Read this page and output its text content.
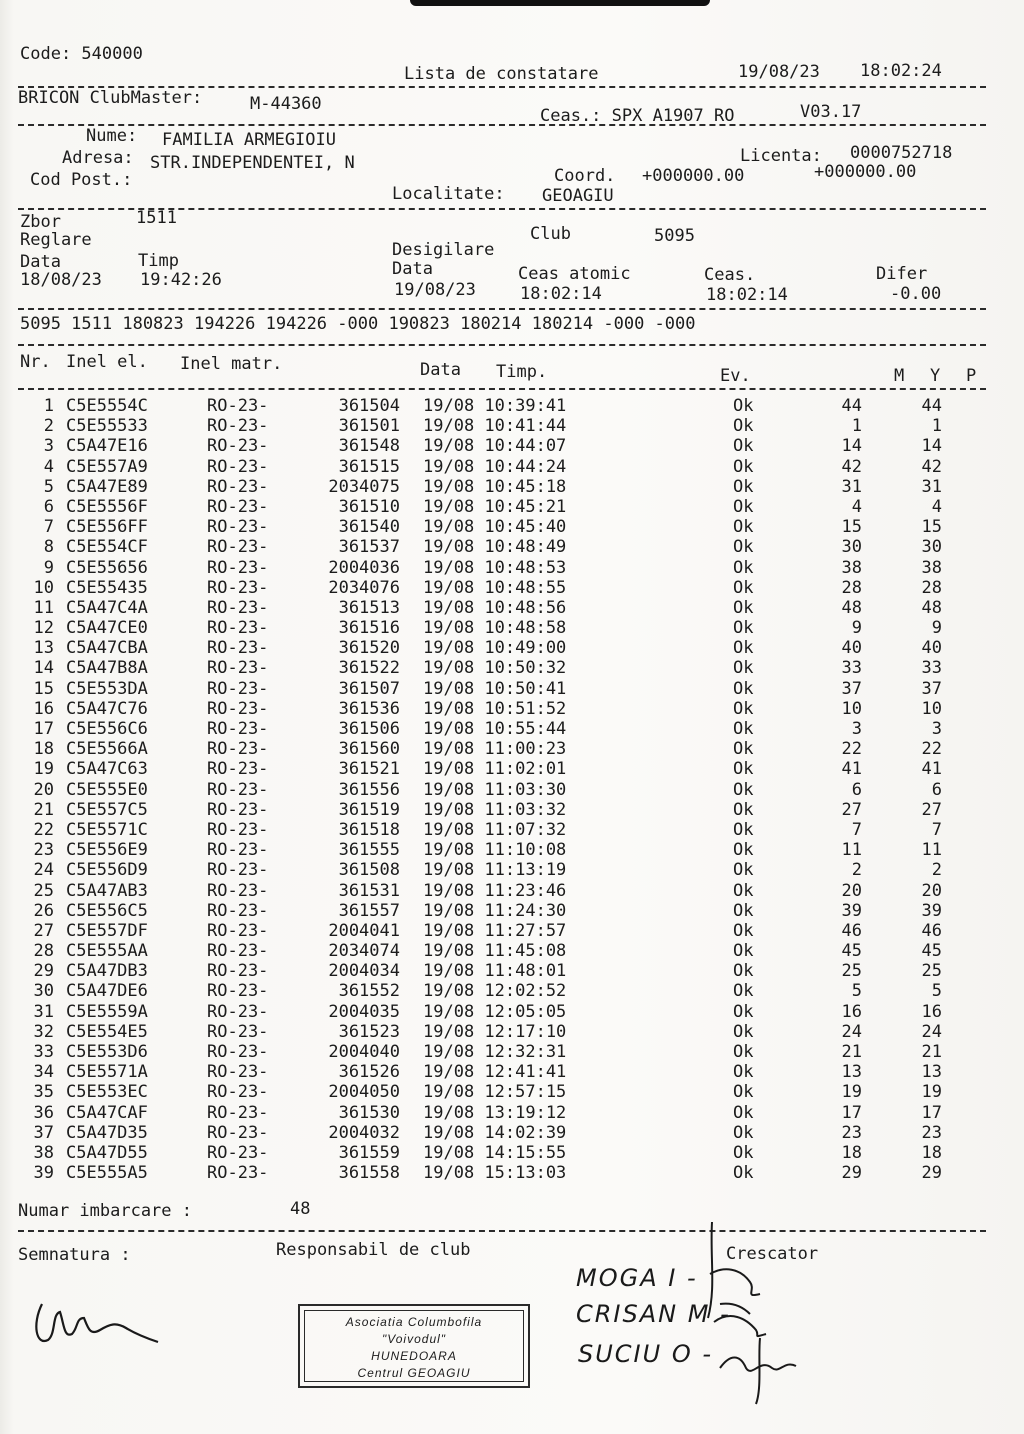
Code: 540000
Lista de constatare	19/08/23 18:02:24
BRICON ClubMaster:	M-44360
Ceas.: SPX A1907 RO	V03.17
Nume: FAMILIA ARMEGIOIU
Adresa: STR.INDEPENDENTEI, N	Licenta: 0000752718
Cod Post.:	Coord. +000000.00	+000000.00
Localitate: GEOAGIU
Zbor	1511
Reglare	Club	5095
Desigilare
Data	Timp	Data	Ceas atomic	Ceas.	Difer
18/08/23 19:42:26	19/08/23	18:02:14	18:02:14	-0.00
5095 1511 180823 194226 194226 -000 190823 180214 180214 -000 -000
Nr. Inel el. Inel matr.	Data Timp.	Ev.	M Y P
1 C5E5554C	RO-23-	361504 19/08 10:39:41	Ok	44	44
2 C5E55533	RO-23-	361501 19/08 10:41:44	Ok	1	1
3 C5A47E16	RO-23-	361548 19/08 10:44:07	Ok	14	14
4 C5E557A9	RO-23-	361515 19/08 10:44:24	Ok	42	42
5 C5A47E89	RO-23-	2034075 19/08 10:45:18	Ok	31	31
6 C5E5556F	RO-23-	361510 19/08 10:45:21	Ok	4	4
7 C5E556FF	RO-23-	361540 19/08 10:45:40	Ok	15	15
8 C5E554CF	RO-23-	361537 19/08 10:48:49	Ok	30	30
9 C5E55656	RO-23-	2004036 19/08 10:48:53	Ok	38	38
10 C5E55435	RO-23-	2034076 19/08 10:48:55	Ok	28	28
11 C5A47C4A	RO-23-	361513 19/08 10:48:56	Ok	48	48
12 C5A47CE0	RO-23-	361516 19/08 10:48:58	Ok	9	9
13 C5A47CBA	RO-23-	361520 19/08 10:49:00	Ok	40	40
14 C5A47B8A	RO-23-	361522 19/08 10:50:32	Ok	33	33
15 C5E553DA	RO-23-	361507 19/08 10:50:41	Ok	37	37
16 C5A47C76	RO-23-	361536 19/08 10:51:52	Ok	10	10
17 C5E556C6	RO-23-	361506 19/08 10:55:44	Ok	3	3
18 C5E5566A	RO-23-	361560 19/08 11:00:23	Ok	22	22
19 C5A47C63	RO-23-	361521 19/08 11:02:01	Ok	41	41
20 C5E555E0	RO-23-	361556 19/08 11:03:30	Ok	6	6
21 C5E557C5	RO-23-	361519 19/08 11:03:32	Ok	27	27
22 C5E5571C	RO-23-	361518 19/08 11:07:32	Ok	7	7
23 C5E556E9	RO-23-	361555 19/08 11:10:08	Ok	11	11
24 C5E556D9	RO-23-	361508 19/08 11:13:19	Ok	2	2
25 C5A47AB3	RO-23-	361531 19/08 11:23:46	Ok	20	20
26 C5E556C5	RO-23-	361557 19/08 11:24:30	Ok	39	39
27 C5E557DF	RO-23-	2004041 19/08 11:27:57	Ok	46	46
28 C5E555AA	RO-23-	2034074 19/08 11:45:08	Ok	45	45
29 C5A47DB3	RO-23-	2004034 19/08 11:48:01	Ok	25	25
30 C5A47DE6	RO-23-	361552 19/08 12:02:52	Ok	5	5
31 C5E5559A	RO-23-	2004035 19/08 12:05:05	Ok	16	16
32 C5E554E5	RO-23-	361523 19/08 12:17:10	Ok	24	24
33 C5E553D6	RO-23-	2004040 19/08 12:32:31	Ok	21	21
34 C5E5571A	RO-23-	361526 19/08 12:41:41	Ok	13	13
35 C5E553EC	RO-23-	2004050 19/08 12:57:15	Ok	19	19
36 C5A47CAF	RO-23-	361530 19/08 13:19:12	Ok	17	17
37 C5A47D35	RO-23-	2004032 19/08 14:02:39	Ok	23	23
38 C5A47D55	RO-23-	361559 19/08 14:15:55	Ok	18	18
39 C5E555A5	RO-23-	361558 19/08 15:13:03	Ok	29	29
Numar imbarcare :	48
Semnatura :	Responsabil de club	Crescator
MOGA I -
CRISAN M -
SUCIU O -
Asociatia Columbofila
"Voivodul"
HUNEDOARA
Centrul GEOAGIU
